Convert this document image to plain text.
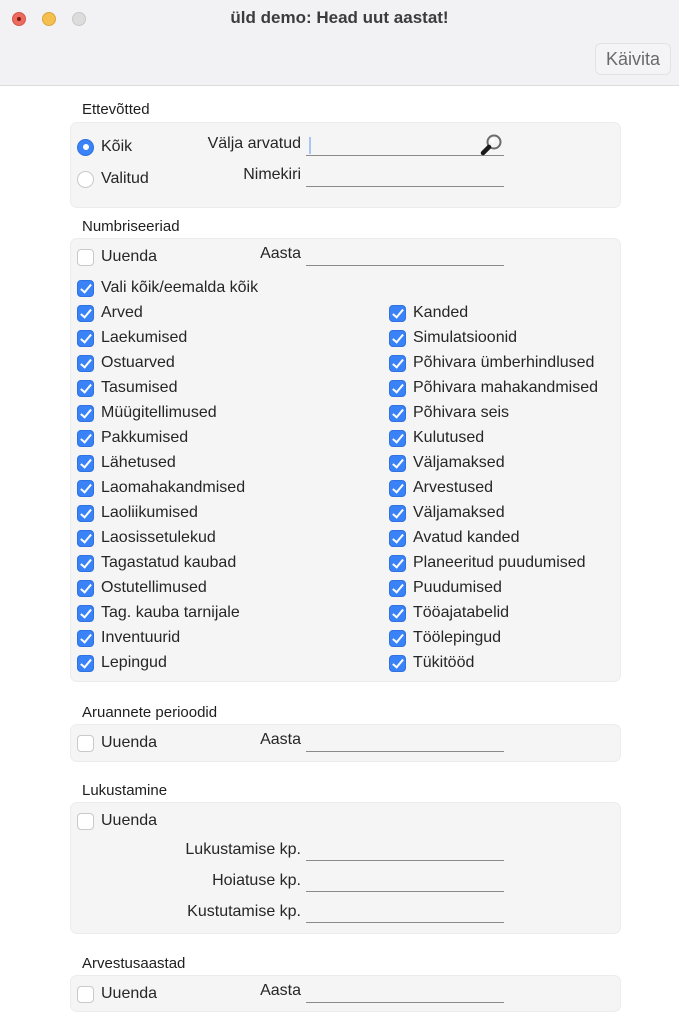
üld demo: Head uut aastat!
Käivita
Ettevõtted
Kõik
Valitud
Välja arvatud
Nimekiri
Numbriseeriad
Uuenda	Aasta
Vali kõik/eemalda kõik
Arved
Laekumised
Ostuarved
Tasumised
Müügitellimused
Pakkumised
Lähetused
Laomahakandmised
Laoliikumised
Laosissetulekud
Tagastatud kaubad
Ostutellimused
Tag. kauba tarnijale
Inventuurid
Lepingud
Kanded
Simulatsioonid
Põhivara ümberhindlused
Põhivara mahakandmised
Põhivara seis
Kulutused
Väljamaksed
Arvestused
Väljamaksed
Avatud kanded
Planeeritud puudumised
Puudumised
Tööajatabelid
Töölepingud
Tükitööd
Aruannete perioodid
Uuenda	Aasta
Lukustamine
Uuenda
Lukustamise kp.
Hoiatuse kp.
Kustutamise kp.
Arvestusaastad
Uuenda	Aasta
